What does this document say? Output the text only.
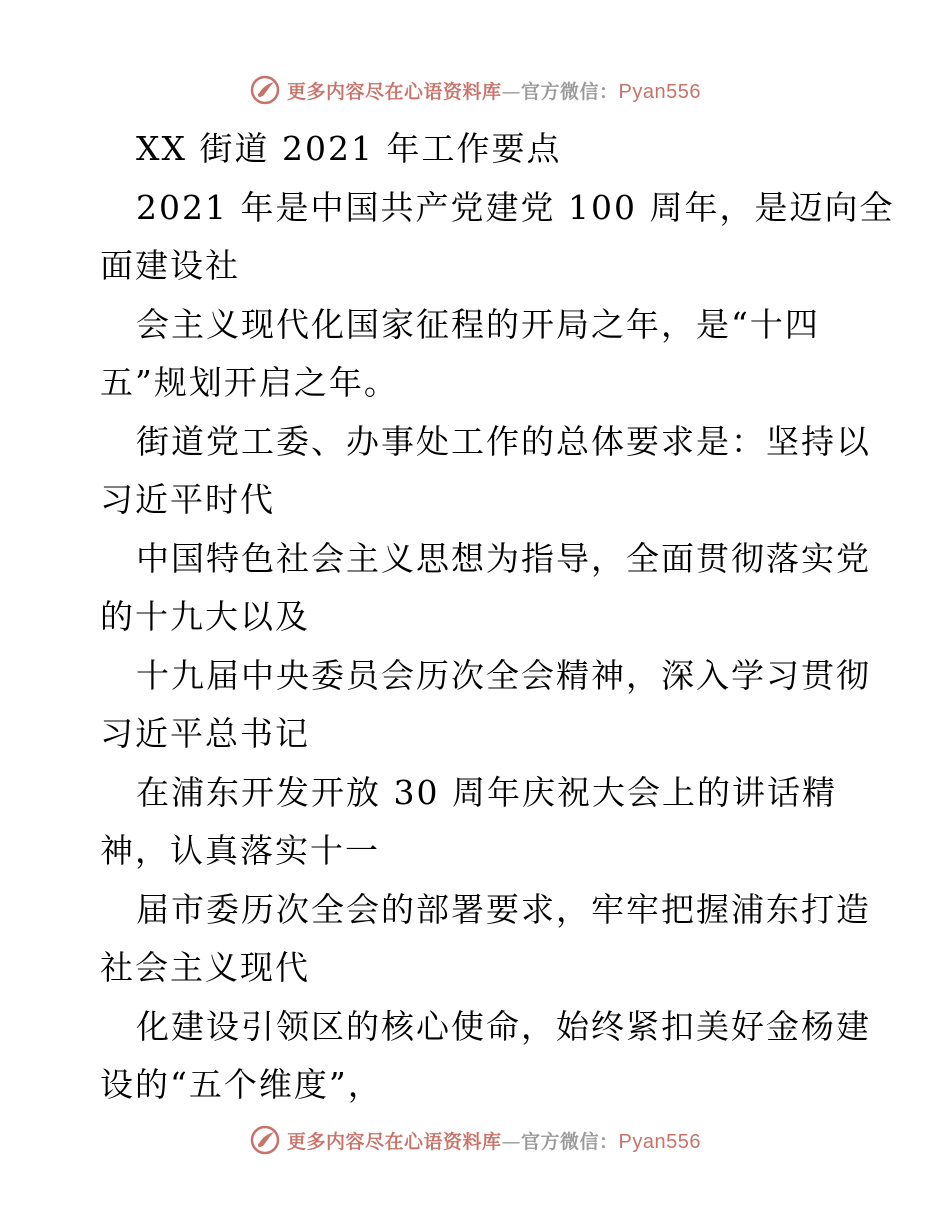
更多内容尽在心语资料库—官方微信：Pyan556
XX 街道 2021 年工作要点
2021 年是中国共产党建党 100 周年，是迈向全
面建设社
会主义现代化国家征程的开局之年，是“十四
五”规划开启之年。
街道党工委、办事处工作的总体要求是：坚持以
习近平时代
中国特色社会主义思想为指导，全面贯彻落实党
的十九大以及
十九届中央委员会历次全会精神，深入学习贯彻
习近平总书记
在浦东开发开放 30 周年庆祝大会上的讲话精
神，认真落实十一
届市委历次全会的部署要求，牢牢把握浦东打造
社会主义现代
化建设引领区的核心使命，始终紧扣美好金杨建
设的“五个维度”，
更多内容尽在心语资料库—官方微信：Pyan556
